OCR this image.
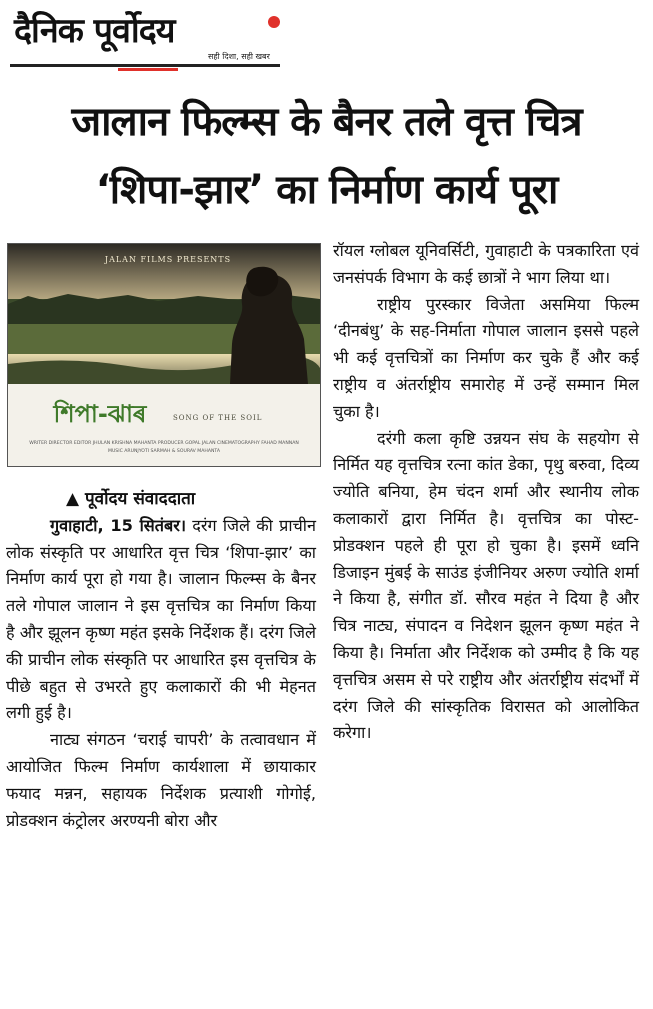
दैनिक पूर्वोदय
सही दिशा, सही खबर
जालान फिल्म्स के बैनर तले वृत्त चित्र
‘शिपा-झार’ का निर्माण कार्य पूरा
JALAN FILMS PRESENTS
শিপা-ঝাৰ	SONG OF THE SOIL
WRITER DIRECTOR EDITOR JHULAN KRISHNA MAHANTA PRODUCER GOPAL JALAN CINEMATOGRAPHY FAHAD MANNAN
MUSIC ARUNJYOTI SARMAH & SOURAV MAHANTA

▲ पूर्वोदय संवाददाता

गुवाहाटी, 15 सितंबर। दरंग जिले की प्राचीन लोक संस्कृति पर आधारित वृत्त चित्र ‘शिपा-झार’ का निर्माण कार्य पूरा हो गया है। जालान फिल्म्स के बैनर तले गोपाल जालान ने इस वृत्तचित्र का निर्माण किया है और झूलन कृष्ण महंत इसके निर्देशक हैं। दरंग जिले की प्राचीन लोक संस्कृति पर आधारित इस वृत्तचित्र के पीछे बहुत से उभरते हुए कलाकारों की भी मेहनत लगी हुई है।

नाट्य संगठन ‘चराई चापरी’ के तत्वावधान में आयोजित फिल्म निर्माण कार्यशाला में छायाकार फयाद मन्नन, सहायक निर्देशक प्रत्याशी गोगोई, प्रोडक्शन कंट्रोलर अरण्यनी बोरा और

रॉयल ग्लोबल यूनिवर्सिटी, गुवाहाटी के पत्रकारिता एवं जनसंपर्क विभाग के कई छात्रों ने भाग लिया था।

राष्ट्रीय पुरस्कार विजेता असमिया फिल्म ‘दीनबंधु’ के सह-निर्माता गोपाल जालान इससे पहले भी कई वृत्तचित्रों का निर्माण कर चुके हैं और कई राष्ट्रीय व अंतर्राष्ट्रीय समारोह में उन्हें सम्मान मिल चुका है।

दरंगी कला कृष्टि उन्नयन संघ के सहयोग से निर्मित यह वृत्तचित्र रत्ना कांत डेका, पृथु बरुवा, दिव्य ज्योति बनिया, हेम चंदन शर्मा और स्थानीय लोक कलाकारों द्वारा निर्मित है। वृत्तचित्र का पोस्ट-प्रोडक्शन पहले ही पूरा हो चुका है। इसमें ध्वनि डिजाइन मुंबई के साउंड इंजीनियर अरुण ज्योति शर्मा ने किया है, संगीत डॉ. सौरव महंत ने दिया है और चित्र नाट्य, संपादन व निदेशन झूलन कृष्ण महंत ने किया है। निर्माता और निर्देशक को उम्मीद है कि यह वृत्तचित्र असम से परे राष्ट्रीय और अंतर्राष्ट्रीय संदर्भों में दरंग जिले की सांस्कृतिक विरासत को आलोकित करेगा।
